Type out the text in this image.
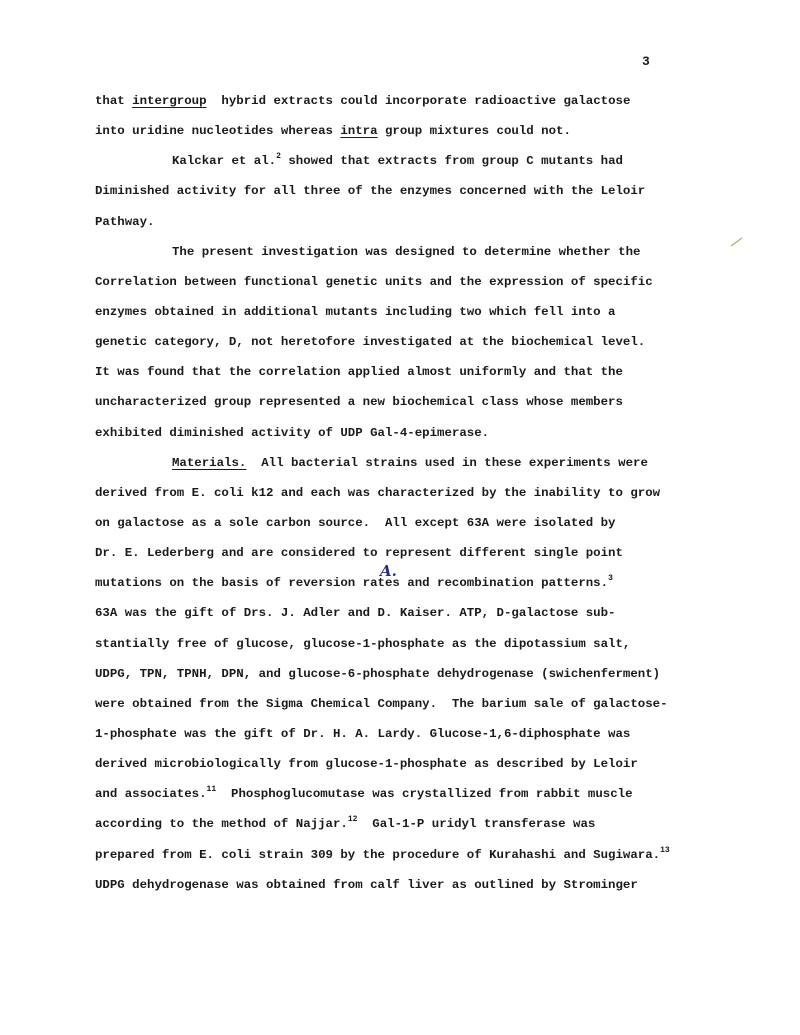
3
A.
that intergroup  hybrid extracts could incorporate radioactive galactose
into uridine nucleotides whereas intra group mixtures could not.
Kalckar et al.$^2$ showed that extracts from group C mutants had
Diminished activity for all three of the enzymes concerned with the Leloir
Pathway.
The present investigation was designed to determine whether the
Correlation between functional genetic units and the expression of specific
enzymes obtained in additional mutants including two which fell into a
genetic category, D, not heretofore investigated at the biochemical level.
It was found that the correlation applied almost uniformly and that the
uncharacterized group represented a new biochemical class whose members
exhibited diminished activity of UDP Gal-4-epimerase.
Materials.  All bacterial strains used in these experiments were
derived from E. coli k12 and each was characterized by the inability to grow
on galactose as a sole carbon source.  All except 63A were isolated by
Dr. E. Lederberg and are considered to represent different single point
mutations on the basis of reversion rates and recombination patterns.$^3$
63A was the gift of Drs. J. Adler and D. Kaiser. ATP, D-galactose sub-
stantially free of glucose, glucose-1-phosphate as the dipotassium salt,
UDPG, TPN, TPNH, DPN, and glucose-6-phosphate dehydrogenase (swichenferment)
were obtained from the Sigma Chemical Company.  The barium sale of galactose-
1-phosphate was the gift of Dr. H. A. Lardy. Glucose-1,6-diphosphate was
derived microbiologically from glucose-1-phosphate as described by Leloir
and associates.$^{11}$  Phosphoglucomutase was crystallized from rabbit muscle
according to the method of Najjar.$^{12}$  Gal-1-P uridyl transferase was
prepared from E. coli strain 309 by the procedure of Kurahashi and Sugiwara.$^{13}$
UDPG dehydrogenase was obtained from calf liver as outlined by Strominger
